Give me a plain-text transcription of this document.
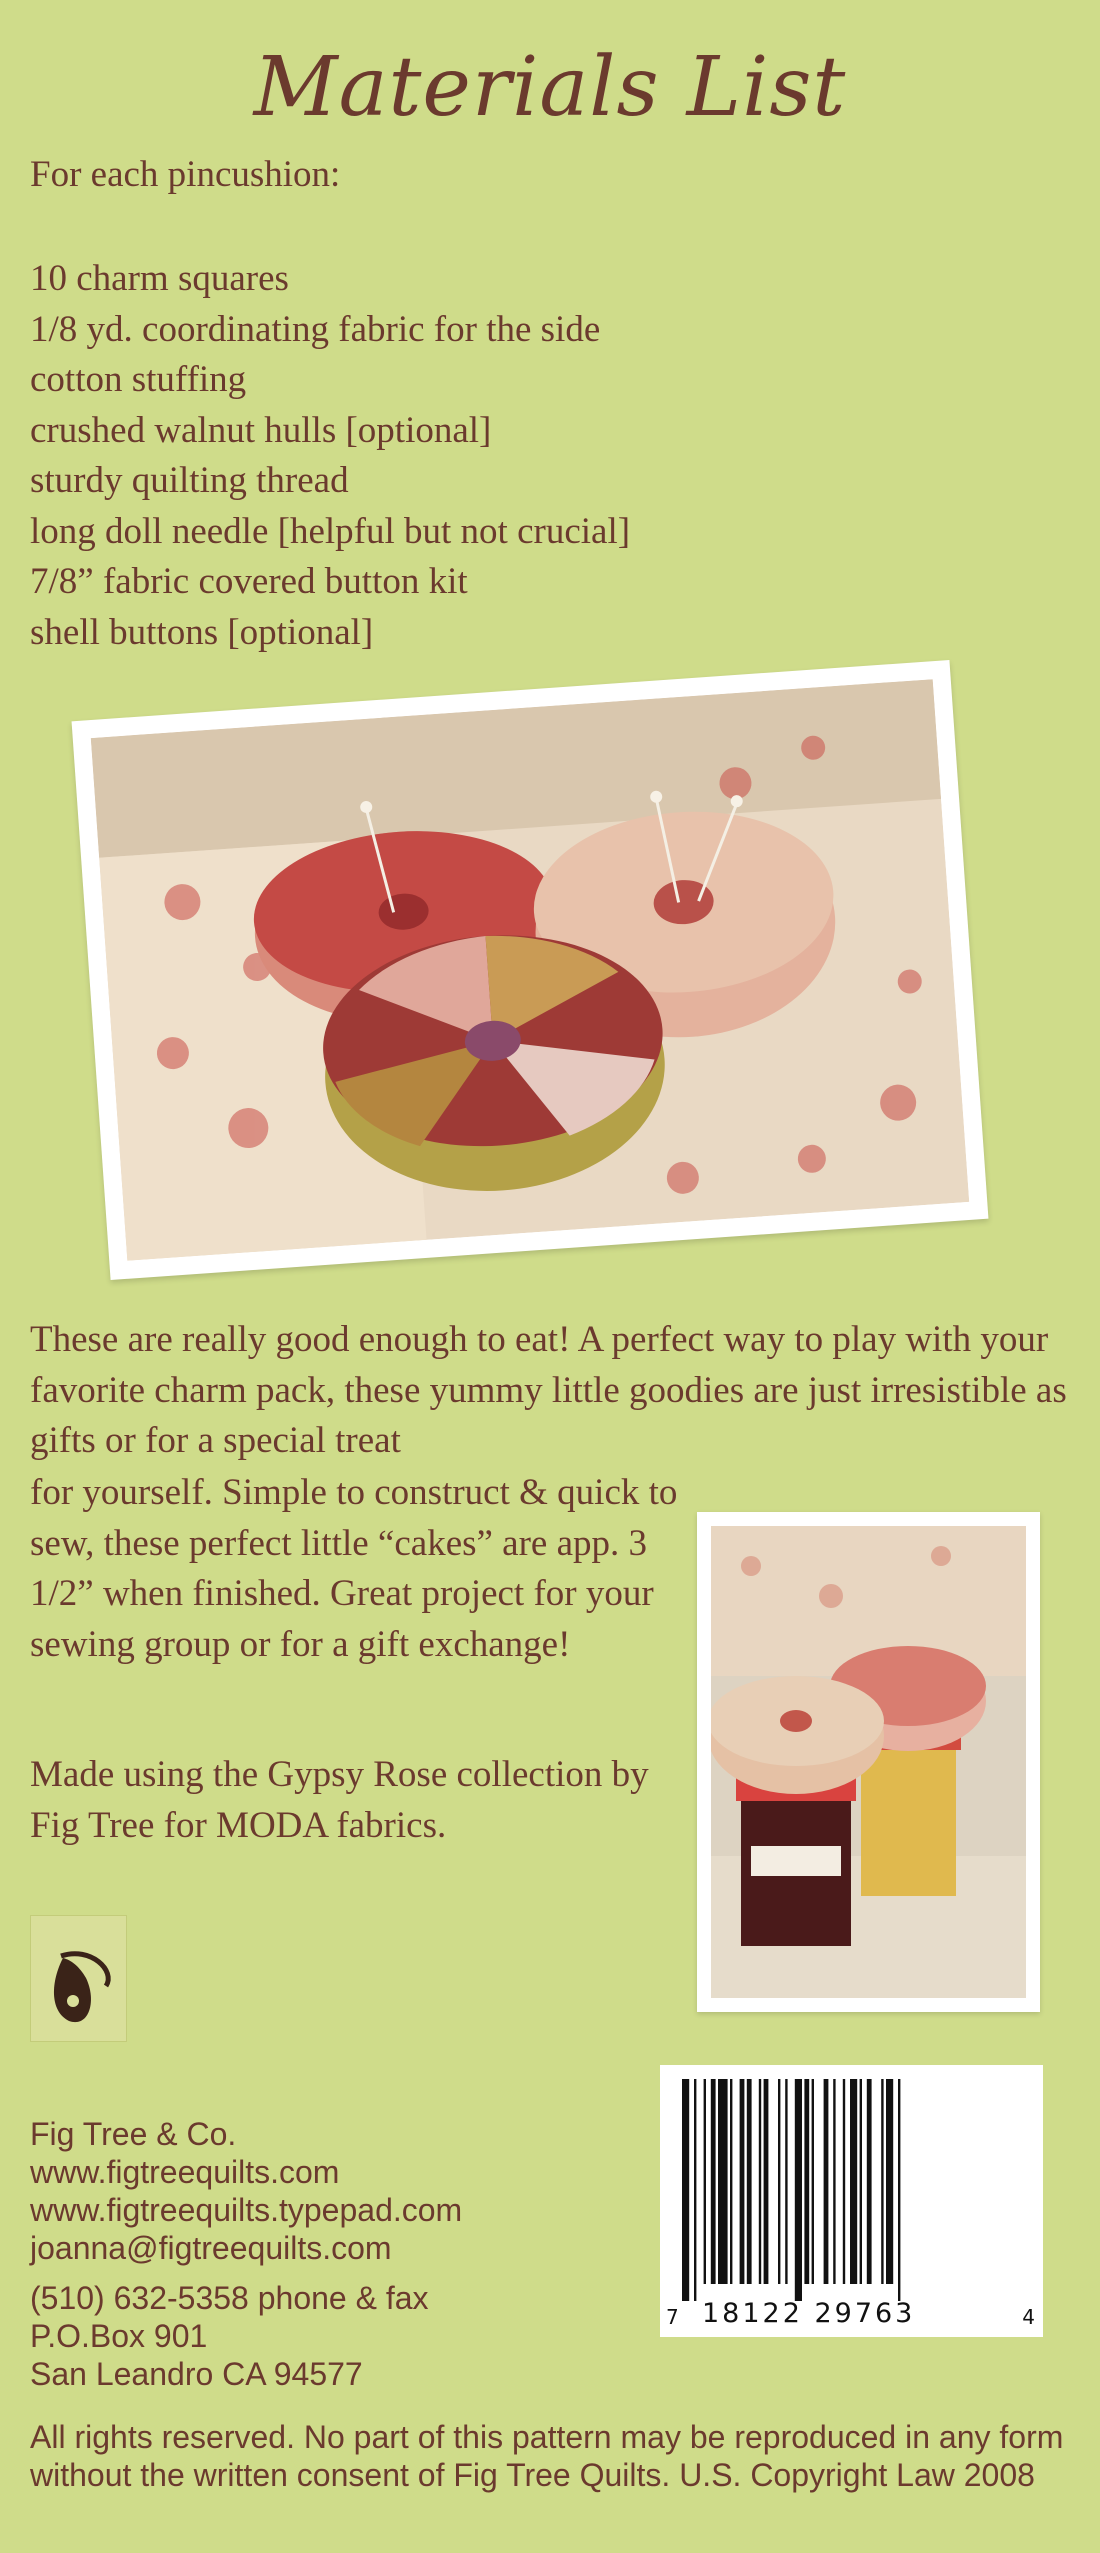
Materials List
For each pincushion:
10 charm squares
1/8 yd. coordinating fabric for the side
cotton stuffing
crushed walnut hulls [optional]
sturdy quilting thread
long doll needle [helpful but not crucial]
7/8” fabric covered button kit
shell buttons [optional]

These are really good enough to eat! A perfect way to play with your favorite charm pack, these yummy little goodies are just irresistible as gifts or for a special treat

for yourself. Simple to construct & quick to sew, these perfect little “cakes” are app. 3 1/2” when finished. Great project for your sewing group or for a gift exchange!

Made using the Gypsy Rose collection by Fig Tree for MODA fabrics.

7 18122 29763	4
Fig Tree & Co.
www.figtreequilts.com
www.figtreequilts.typepad.com
joanna@figtreequilts.com
(510) 632-5358 phone & fax
P.O.Box 901
San Leandro CA 94577

All rights reserved. No part of this pattern may be reproduced in any form without the written consent of Fig Tree Quilts. U.S. Copyright Law 2008
